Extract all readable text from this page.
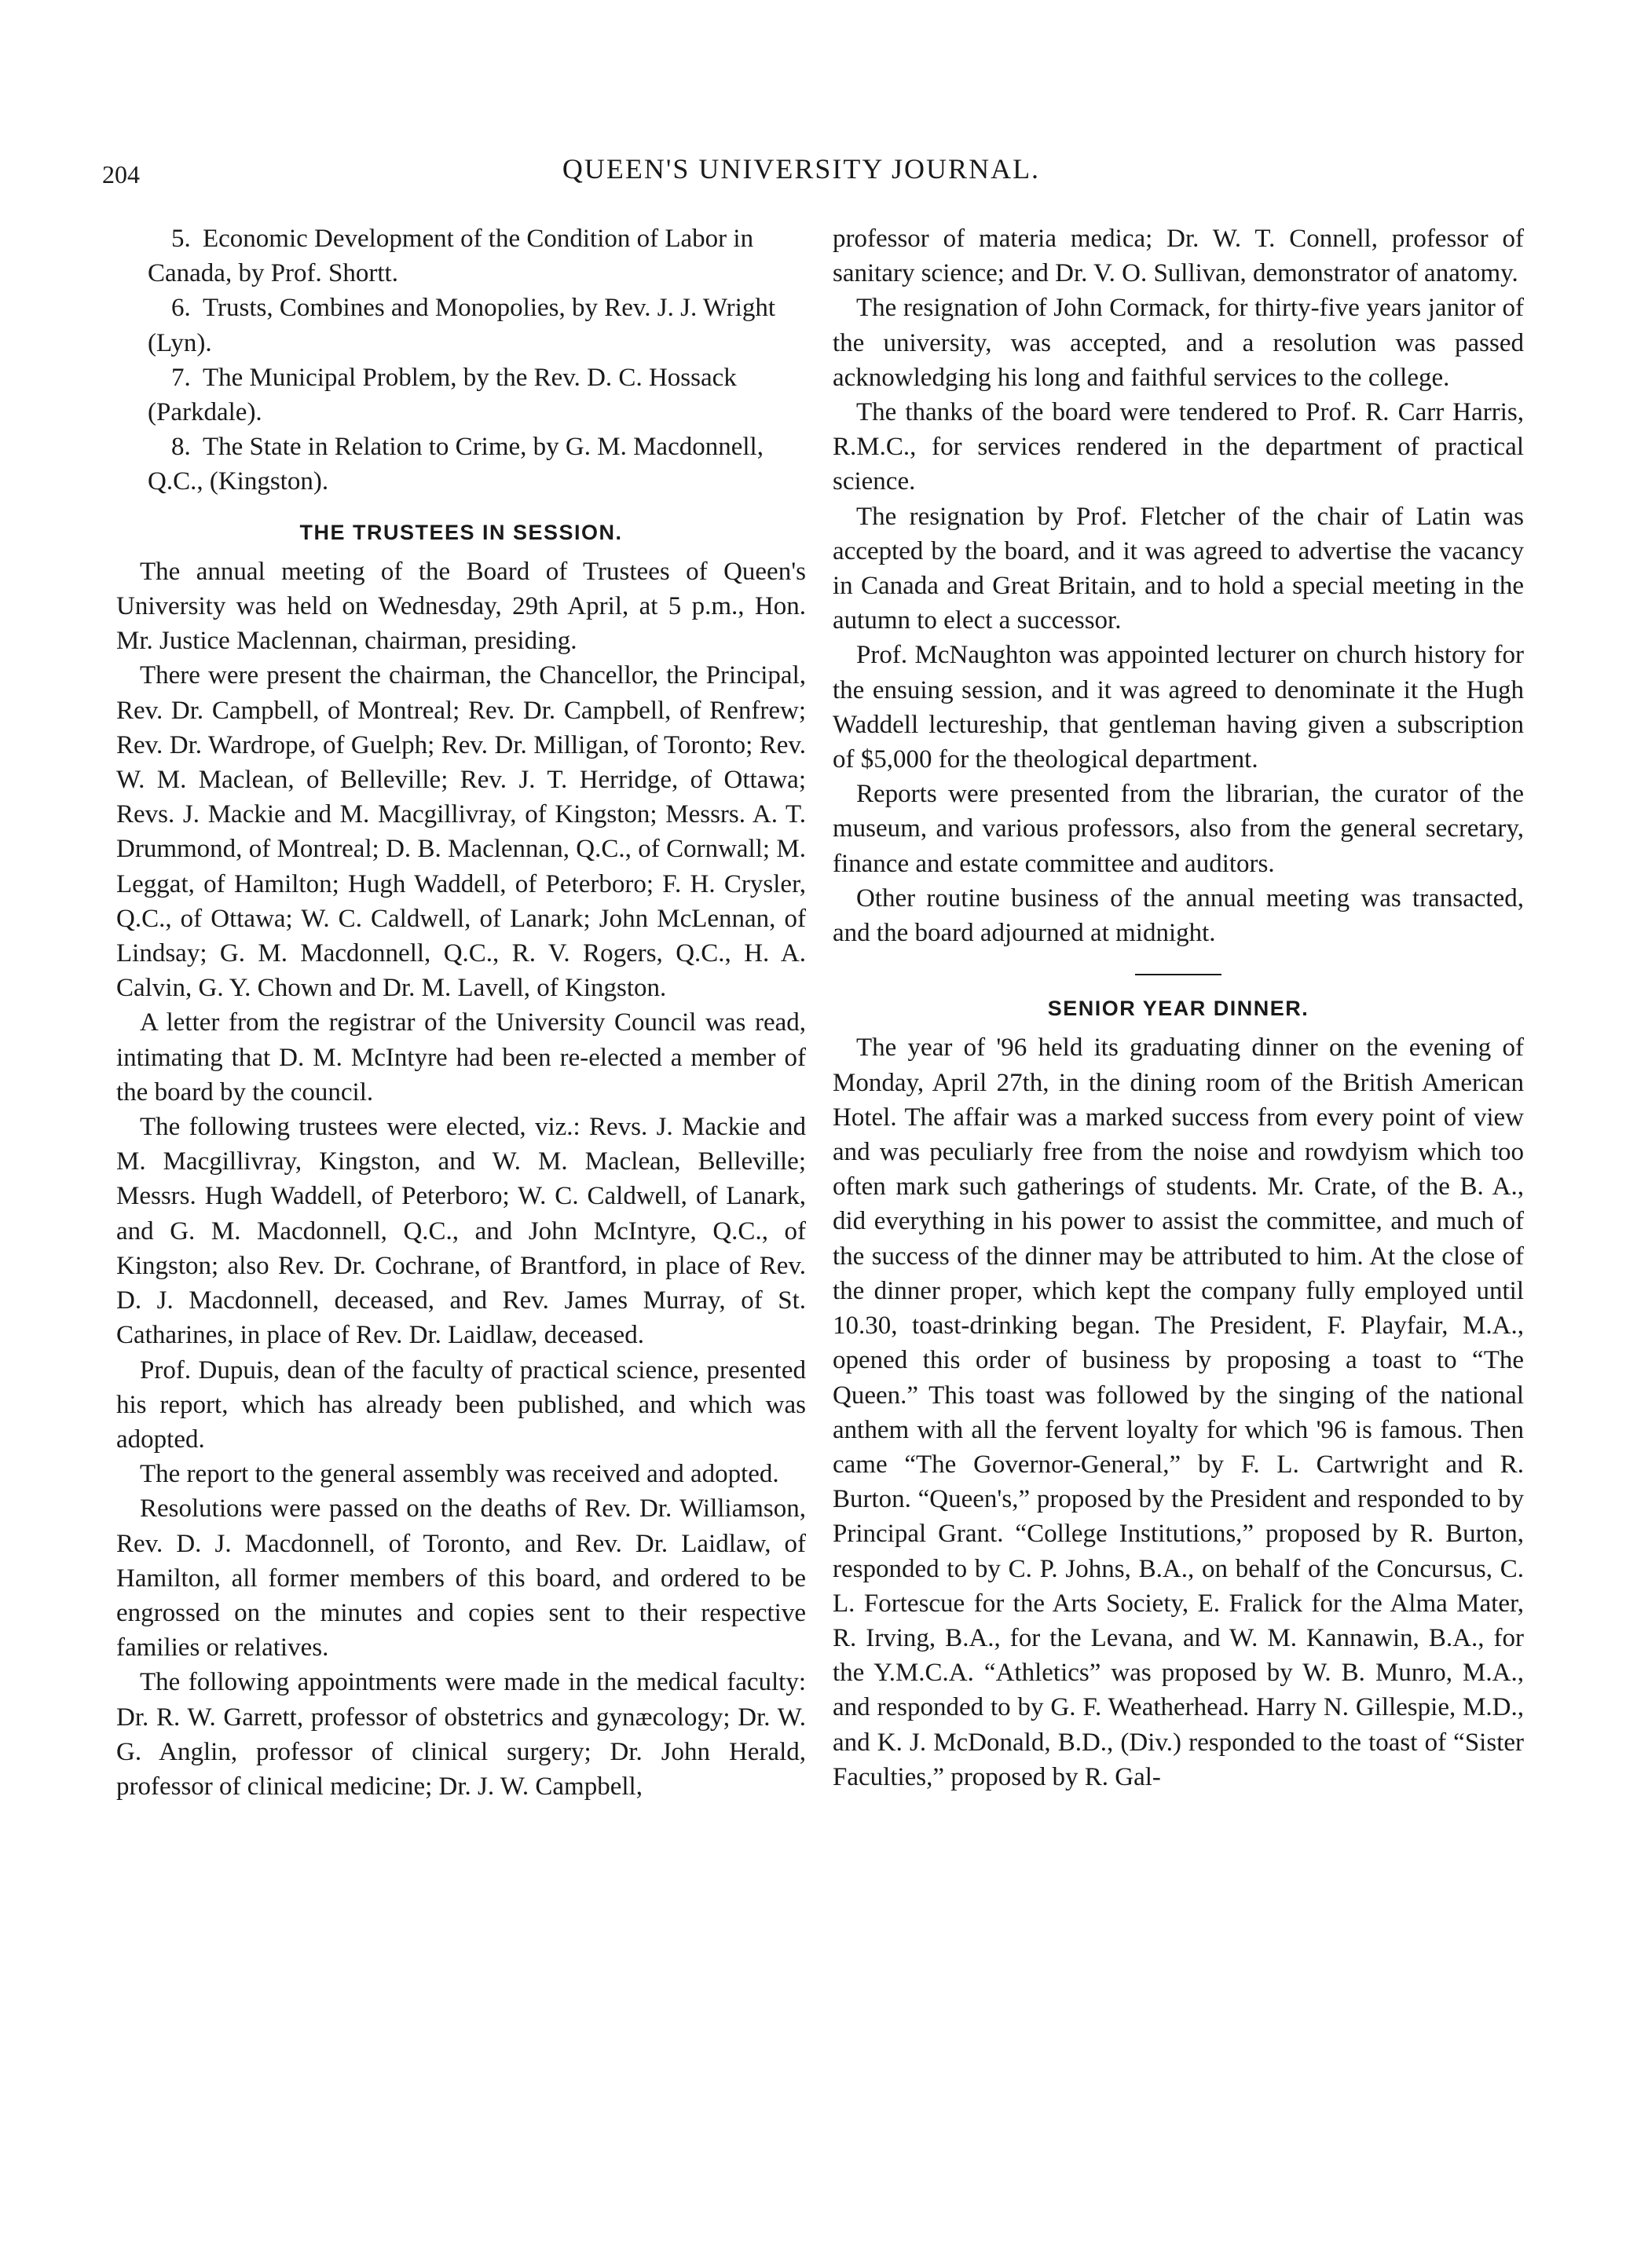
204	QUEEN'S UNIVERSITY JOURNAL.

5. Economic Development of the Condition of Labor in Canada, by Prof. Shortt.

6. Trusts, Combines and Monopolies, by Rev. J. J. Wright (Lyn).

7. The Municipal Problem, by the Rev. D. C. Hossack (Parkdale).

8. The State in Relation to Crime, by G. M. Macdonnell, Q.C., (Kingston).

THE TRUSTEES IN SESSION.

The annual meeting of the Board of Trustees of Queen's University was held on Wednesday, 29th April, at 5 p.m., Hon. Mr. Justice Maclennan, chairman, presiding.

There were present the chairman, the Chancellor, the Principal, Rev. Dr. Campbell, of Montreal; Rev. Dr. Campbell, of Renfrew; Rev. Dr. Wardrope, of Guelph; Rev. Dr. Milligan, of Toronto; Rev. W. M. Maclean, of Belleville; Rev. J. T. Herridge, of Ottawa; Revs. J. Mackie and M. Macgillivray, of Kingston; Messrs. A. T. Drummond, of Montreal; D. B. Maclennan, Q.C., of Cornwall; M. Leggat, of Hamilton; Hugh Waddell, of Peterboro; F. H. Crysler, Q.C., of Ottawa; W. C. Caldwell, of Lanark; John McLennan, of Lindsay; G. M. Macdonnell, Q.C., R. V. Rogers, Q.C., H. A. Calvin, G. Y. Chown and Dr. M. Lavell, of Kingston.

A letter from the registrar of the University Council was read, intimating that D. M. McIntyre had been re-elected a member of the board by the council.

The following trustees were elected, viz.: Revs. J. Mackie and M. Macgillivray, Kingston, and W. M. Maclean, Belleville; Messrs. Hugh Waddell, of Peterboro; W. C. Caldwell, of Lanark, and G. M. Macdonnell, Q.C., and John McIntyre, Q.C., of Kingston; also Rev. Dr. Cochrane, of Brantford, in place of Rev. D. J. Macdonnell, deceased, and Rev. James Murray, of St. Catharines, in place of Rev. Dr. Laidlaw, deceased.

Prof. Dupuis, dean of the faculty of practical science, presented his report, which has already been published, and which was adopted.

The report to the general assembly was received and adopted.

Resolutions were passed on the deaths of Rev. Dr. Williamson, Rev. D. J. Macdonnell, of Toronto, and Rev. Dr. Laidlaw, of Hamilton, all former members of this board, and ordered to be engrossed on the minutes and copies sent to their respective families or relatives.

The following appointments were made in the medical faculty: Dr. R. W. Garrett, professor of obstetrics and gynæcology; Dr. W. G. Anglin, professor of clinical surgery; Dr. John Herald, professor of clinical medicine; Dr. J. W. Campbell,

professor of materia medica; Dr. W. T. Connell, professor of sanitary science; and Dr. V. O. Sullivan, demonstrator of anatomy.

The resignation of John Cormack, for thirty-five years janitor of the university, was accepted, and a resolution was passed acknowledging his long and faithful services to the college.

The thanks of the board were tendered to Prof. R. Carr Harris, R.M.C., for services rendered in the department of practical science.

The resignation by Prof. Fletcher of the chair of Latin was accepted by the board, and it was agreed to advertise the vacancy in Canada and Great Britain, and to hold a special meeting in the autumn to elect a successor.

Prof. McNaughton was appointed lecturer on church history for the ensuing session, and it was agreed to denominate it the Hugh Waddell lectureship, that gentleman having given a subscription of $5,000 for the theological department.

Reports were presented from the librarian, the curator of the museum, and various professors, also from the general secretary, finance and estate committee and auditors.

Other routine business of the annual meeting was transacted, and the board adjourned at midnight.

SENIOR YEAR DINNER.

The year of '96 held its graduating dinner on the evening of Monday, April 27th, in the dining room of the British American Hotel. The affair was a marked success from every point of view and was peculiarly free from the noise and rowdyism which too often mark such gatherings of students. Mr. Crate, of the B. A., did everything in his power to assist the committee, and much of the success of the dinner may be attributed to him. At the close of the dinner proper, which kept the company fully employed until 10.30, toast-drinking began. The President, F. Playfair, M.A., opened this order of business by proposing a toast to “The Queen.” This toast was followed by the singing of the national anthem with all the fervent loyalty for which '96 is famous. Then came “The Governor-General,” by F. L. Cartwright and R. Burton. “Queen's,” proposed by the President and responded to by Principal Grant. “College Institutions,” proposed by R. Burton, responded to by C. P. Johns, B.A., on behalf of the Concursus, C. L. Fortescue for the Arts Society, E. Fralick for the Alma Mater, R. Irving, B.A., for the Levana, and W. M. Kannawin, B.A., for the Y.M.C.A. “Athletics” was proposed by W. B. Munro, M.A., and responded to by G. F. Weatherhead. Harry N. Gillespie, M.D., and K. J. McDonald, B.D., (Div.) responded to the toast of “Sister Faculties,” proposed by R. Gal-
